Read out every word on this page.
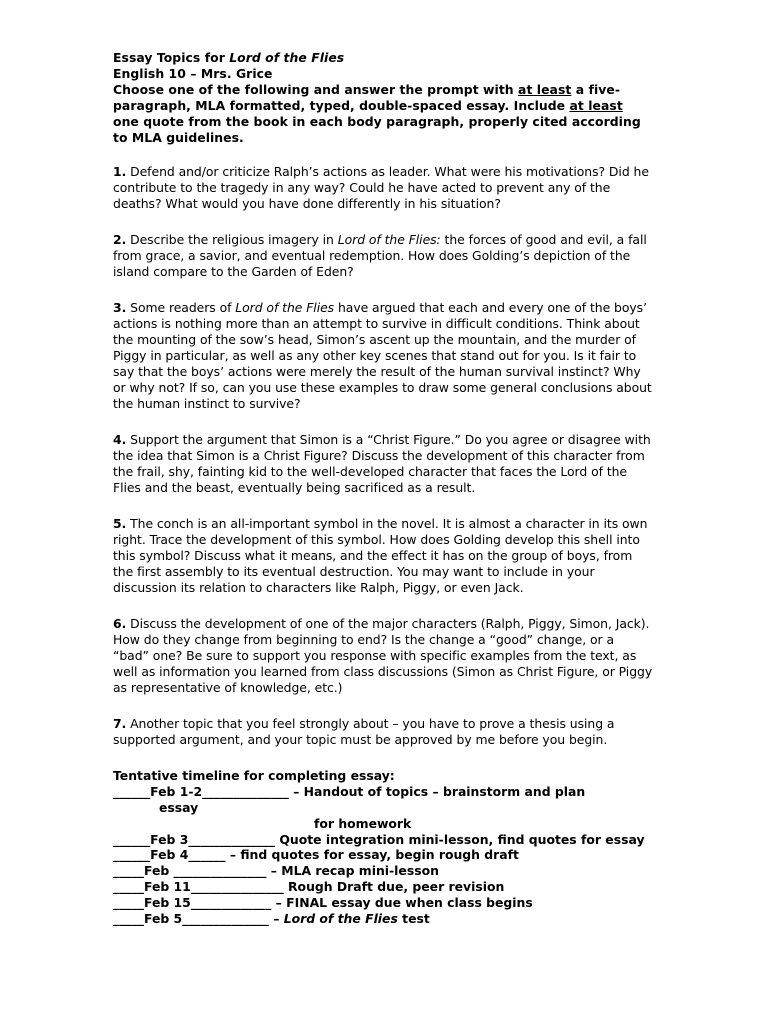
Essay Topics for Lord of the Flies
English 10 – Mrs. Grice
Choose one of the following and answer the prompt with at least a five-paragraph, MLA formatted, typed, double-spaced essay. Include at least one quote from the book in each body paragraph, properly cited according to MLA guidelines.
1. Defend and/or criticize Ralph’s actions as leader. What were his motivations? Did he contribute to the tragedy in any way? Could he have acted to prevent any of the deaths? What would you have done differently in his situation?
2. Describe the religious imagery in Lord of the Flies: the forces of good and evil, a fall from grace, a savior, and eventual redemption. How does Golding’s depiction of the island compare to the Garden of Eden?
3. Some readers of Lord of the Flies have argued that each and every one of the boys’ actions is nothing more than an attempt to survive in difficult conditions. Think about the mounting of the sow’s head, Simon’s ascent up the mountain, and the murder of Piggy in particular, as well as any other key scenes that stand out for you. Is it fair to say that the boys’ actions were merely the result of the human survival instinct? Why or why not? If so, can you use these examples to draw some general conclusions about the human instinct to survive?
4. Support the argument that Simon is a “Christ Figure.” Do you agree or disagree with the idea that Simon is a Christ Figure? Discuss the development of this character from the frail, shy, fainting kid to the well-developed character that faces the Lord of the Flies and the beast, eventually being sacrificed as a result.
5. The conch is an all-important symbol in the novel. It is almost a character in its own right. Trace the development of this symbol. How does Golding develop this shell into this symbol? Discuss what it means, and the effect it has on the group of boys, from the first assembly to its eventual destruction. You may want to include in your discussion its relation to characters like Ralph, Piggy, or even Jack.
6. Discuss the development of one of the major characters (Ralph, Piggy, Simon, Jack). How do they change from beginning to end? Is the change a “good” change, or a “bad” one? Be sure to support you response with specific examples from the text, as well as information you learned from class discussions (Simon as Christ Figure, or Piggy as representative of knowledge, etc.)
7. Another topic that you feel strongly about – you have to prove a thesis using a supported argument, and your topic must be approved by me before you begin.
Tentative timeline for completing essay:
______Feb 1-2______________ – Handout of topics – brainstorm and plan
essay
for homework
______Feb 3______________ Quote integration mini-lesson, find quotes for essay
______Feb 4______ – find quotes for essay, begin rough draft
_____Feb _______________ – MLA recap mini-lesson
_____Feb 11_______________ Rough Draft due, peer revision
_____Feb 15_____________ – FINAL essay due when class begins
_____Feb 5______________ – Lord of the Flies test
